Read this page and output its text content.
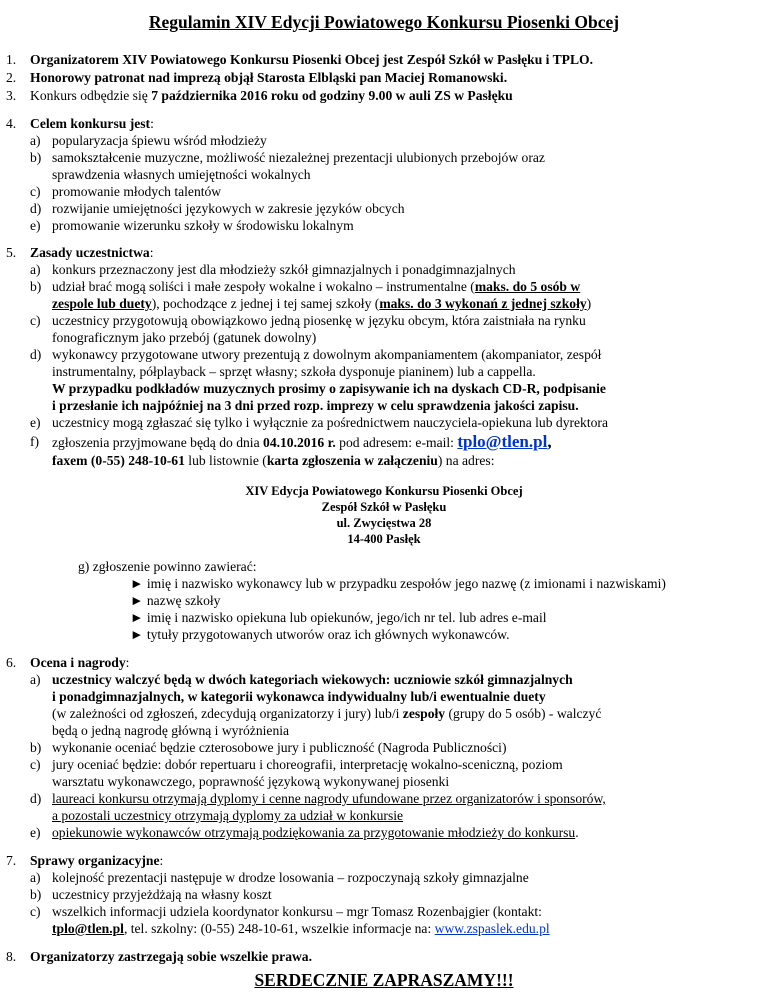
Regulamin XIV Edycji Powiatowego Konkursu Piosenki Obcej
1. Organizatorem XIV Powiatowego Konkursu Piosenki Obcej jest Zespół Szkół w Pasłęku i TPLO.
2. Honorowy patronat nad imprezą objął Starosta Elbląski pan Maciej Romanowski.
3. Konkurs odbędzie się 7 października 2016 roku od godziny 9.00 w auli ZS w Pasłęku
4. Celem konkursu jest:
a) popularyzacja śpiewu wśród młodzieży
b) samokształcenie muzyczne, możliwość niezależnej prezentacji ulubionych przebojów oraz
sprawdzenia własnych umiejętności wokalnych
c) promowanie młodych talentów
d) rozwijanie umiejętności językowych w zakresie języków obcych
e) promowanie wizerunku szkoły w środowisku lokalnym
5. Zasady uczestnictwa:
a) konkurs przeznaczony jest dla młodzieży szkół gimnazjalnych i ponadgimnazjalnych
b) udział brać mogą soliści i małe zespoły wokalne i wokalno – instrumentalne (maks. do 5 osób w
zespole lub duety), pochodzące z jednej i tej samej szkoły (maks. do 3 wykonań z jednej szkoły)
c) uczestnicy przygotowują obowiązkowo jedną piosenkę w języku obcym, która zaistniała na rynku
fonograficznym jako przebój (gatunek dowolny)
d) wykonawcy przygotowane utwory prezentują z dowolnym akompaniamentem (akompaniator, zespół
instrumentalny, półplayback – sprzęt własny; szkoła dysponuje pianinem) lub a cappella.
W przypadku podkładów muzycznych prosimy o zapisywanie ich na dyskach CD-R, podpisanie
i przesłanie ich najpóźniej na 3 dni przed rozp. imprezy w celu sprawdzenia jakości zapisu.
e) uczestnicy mogą zgłaszać się tylko i wyłącznie za pośrednictwem nauczyciela-opiekuna lub dyrektora
f) zgłoszenia przyjmowane będą do dnia 04.10.2016 r. pod adresem: e-mail: tplo@tlen.pl,
faxem (0-55) 248-10-61 lub listownie (karta zgłoszenia w załączeniu) na adres:
XIV Edycja Powiatowego Konkursu Piosenki Obcej
Zespół Szkół w Pasłęku
ul. Zwycięstwa 28
14-400 Pasłęk
g) zgłoszenie powinno zawierać:
► imię i nazwisko wykonawcy lub w przypadku zespołów jego nazwę (z imionami i nazwiskami)
► nazwę szkoły
► imię i nazwisko opiekuna lub opiekunów, jego/ich nr tel. lub adres e-mail
► tytuły przygotowanych utworów oraz ich głównych wykonawców.
6. Ocena i nagrody:
a) uczestnicy walczyć będą w dwóch kategoriach wiekowych: uczniowie szkół gimnazjalnych
i ponadgimnazjalnych, w kategorii wykonawca indywidualny lub/i ewentualnie duety
(w zależności od zgłoszeń, zdecydują organizatorzy i jury) lub/i zespoły (grupy do 5 osób) - walczyć
będą o jedną nagrodę główną i wyróżnienia
b) wykonanie oceniać będzie czterosobowe jury i publiczność (Nagroda Publiczności)
c) jury oceniać będzie: dobór repertuaru i choreografii, interpretację wokalno-sceniczną, poziom
warsztatu wykonawczego, poprawność językową wykonywanej piosenki
d) laureaci konkursu otrzymają dyplomy i cenne nagrody ufundowane przez organizatorów i sponsorów,
a pozostali uczestnicy otrzymają dyplomy za udział w konkursie
e) opiekunowie wykonawców otrzymają podziękowania za przygotowanie młodzieży do konkursu.
7. Sprawy organizacyjne:
a) kolejność prezentacji następuje w drodze losowania – rozpoczynają szkoły gimnazjalne
b) uczestnicy przyjeżdżają na własny koszt
c) wszelkich informacji udziela koordynator konkursu – mgr Tomasz Rozenbajgier (kontakt:
tplo@tlen.pl, tel. szkolny: (0-55) 248-10-61, wszelkie informacje na: www.zspaslek.edu.pl
8. Organizatorzy zastrzegają sobie wszelkie prawa.
SERDECZNIE ZAPRASZAMY!!!
